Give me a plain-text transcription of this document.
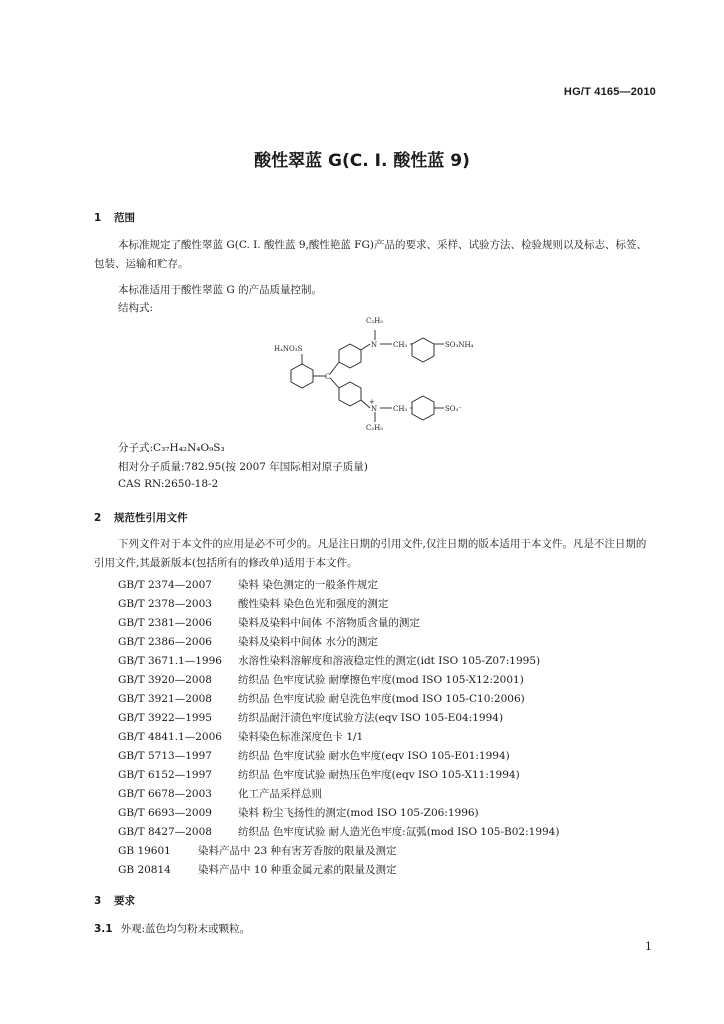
HG/T 4165—2010
酸性翠蓝 G(C. I. 酸性蓝 9)
1 范围
本标准规定了酸性翠蓝 G(C. I. 酸性蓝 9,酸性艳蓝 FG)产品的要求、采样、试验方法、检验规则以及标志、标签、包装、运输和贮存。
本标准适用于酸性翠蓝 G 的产品质量控制。
结构式:
C₂H₅
N CH₂	SO₃NH₄
H₄NO₃S
C
+
N CH₂	SO₃⁻
C₂H₅
分子式:C₃₇H₄₂N₄O₉S₃
相对分子质量:782.95(按 2007 年国际相对原子质量)
CAS RN:2650-18-2
2 规范性引用文件
下列文件对于本文件的应用是必不可少的。凡是注日期的引用文件,仅注日期的版本适用于本文件。凡是不注日期的引用文件,其最新版本(包括所有的修改单)适用于本文件。
GB/T 2374—2007 染料 染色测定的一般条件规定
GB/T 2378—2003 酸性染料 染色色光和强度的测定
GB/T 2381—2006 染料及染料中间体 不溶物质含量的测定
GB/T 2386—2006 染料及染料中间体 水分的测定
GB/T 3671.1—1996 水溶性染料溶解度和溶液稳定性的测定(idt ISO 105-Z07:1995)
GB/T 3920—2008 纺织品 色牢度试验 耐摩擦色牢度(mod ISO 105-X12:2001)
GB/T 3921—2008 纺织品 色牢度试验 耐皂洗色牢度(mod ISO 105-C10:2006)
GB/T 3922—1995 纺织品耐汗渍色牢度试验方法(eqv ISO 105-E04:1994)
GB/T 4841.1—2006 染料染色标准深度色卡 1/1
GB/T 5713—1997 纺织品 色牢度试验 耐水色牢度(eqv ISO 105-E01:1994)
GB/T 6152—1997 纺织品 色牢度试验 耐热压色牢度(eqv ISO 105-X11:1994)
GB/T 6678—2003 化工产品采样总则
GB/T 6693—2009 染料 粉尘飞扬性的测定(mod ISO 105-Z06:1996)
GB/T 8427—2008 纺织品 色牢度试验 耐人造光色牢度:氙弧(mod ISO 105-B02:1994)
GB 19601	染料产品中 23 种有害芳香胺的限量及测定
GB 20814	染料产品中 10 种重金属元素的限量及测定
3 要求
3.1 外观:蓝色均匀粉末或颗粒。
1
